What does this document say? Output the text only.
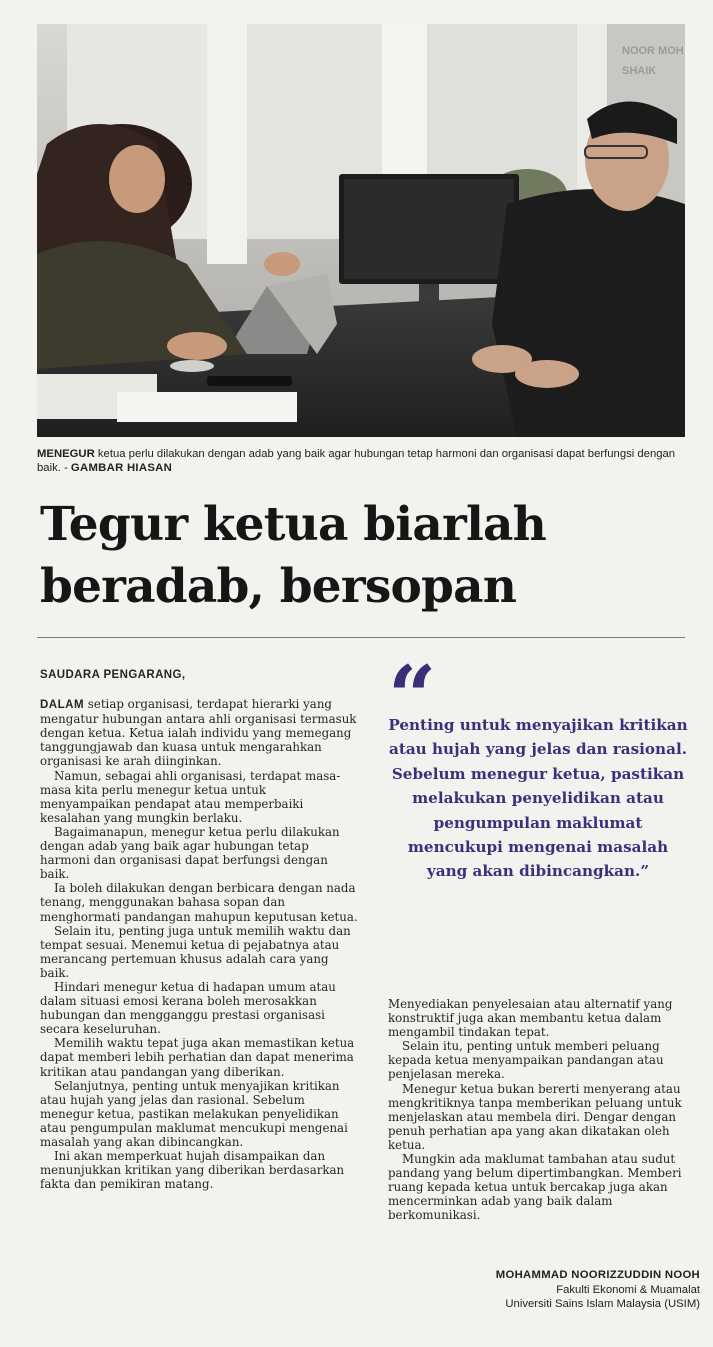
NOOR MOH
SHAIK
MENEGUR ketua perlu dilakukan dengan adab yang baik agar hubungan tetap harmoni dan organisasi dapat berfungsi dengan baik. - GAMBAR HIASAN
Tegur ketua biarlah
beradab, bersopan
SAUDARA PENGARANG,

DALAM setiap organisasi, terdapat hierarki yang mengatur hubungan antara ahli organisasi termasuk dengan ketua. Ketua ialah individu yang memegang tanggungjawab dan kuasa untuk mengarahkan organisasi ke arah diinginkan.

Namun, sebagai ahli organisasi, terdapat masa-masa kita perlu menegur ketua untuk menyampaikan pendapat atau memperbaiki kesalahan yang mungkin berlaku.

Bagaimanapun, menegur ketua perlu dilakukan dengan adab yang baik agar hubungan tetap harmoni dan organisasi dapat berfungsi dengan baik.

Ia boleh dilakukan dengan berbicara dengan nada tenang, menggunakan bahasa sopan dan menghormati pandangan mahupun keputusan ketua.

Selain itu, penting juga untuk memilih waktu dan tempat sesuai. Menemui ketua di pejabatnya atau merancang pertemuan khusus adalah cara yang baik.

Hindari menegur ketua di hadapan umum atau dalam situasi emosi kerana boleh merosakkan hubungan dan mengganggu prestasi organisasi secara keseluruhan.

Memilih waktu tepat juga akan memastikan ketua dapat memberi lebih perhatian dan dapat menerima kritikan atau pandangan yang diberikan.

Selanjutnya, penting untuk menyajikan kritikan atau hujah yang jelas dan rasional. Sebelum menegur ketua, pastikan melakukan penyelidikan atau pengumpulan maklumat mencukupi mengenai masalah yang akan dibincangkan.

Ini akan memperkuat hujah disampaikan dan menunjukkan kritikan yang diberikan berdasarkan fakta dan pemikiran matang.

“
Penting untuk menyajikan kritikan atau hujah yang jelas dan rasional. Sebelum menegur ketua, pastikan melakukan penyelidikan atau pengumpulan maklumat mencukupi mengenai masalah yang akan dibincangkan.”

Menyediakan penyelesaian atau alternatif yang konstruktif juga akan membantu ketua dalam mengambil tindakan tepat.

Selain itu, penting untuk memberi peluang kepada ketua menyampaikan pandangan atau penjelasan mereka.

Menegur ketua bukan bererti menyerang atau mengkritiknya tanpa memberikan peluang untuk menjelaskan atau membela diri. Dengar dengan penuh perhatian apa yang akan dikatakan oleh ketua.

Mungkin ada maklumat tambahan atau sudut pandang yang belum dipertimbangkan. Memberi ruang kepada ketua untuk bercakap juga akan mencerminkan adab yang baik dalam berkomunikasi.

MOHAMMAD NOORIZZUDDIN NOOH
Fakulti Ekonomi & Muamalat
Universiti Sains Islam Malaysia (USIM)
